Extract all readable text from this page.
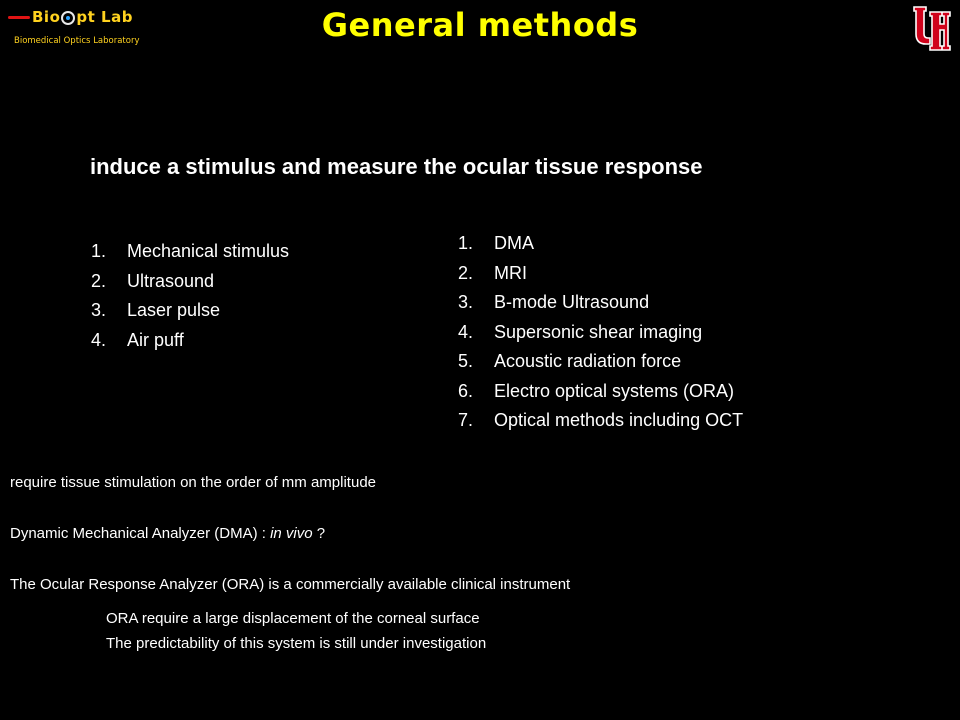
Bio pt Lab
Biomedical Optics Laboratory	General methods
induce a stimulus and measure the ocular tissue response
1. Mechanical stimulus
2. Ultrasound
3. Laser pulse
4. Air puff
1. DMA
2. MRI
3. B-mode Ultrasound
4. Supersonic shear imaging
5. Acoustic radiation force
6. Electro optical systems (ORA)
7. Optical methods including OCT
require tissue stimulation on the order of mm amplitude
Dynamic Mechanical Analyzer (DMA) : in vivo ?
The Ocular Response Analyzer (ORA) is a commercially available clinical instrument
ORA require a large displacement of the corneal surface
The predictability of this system is still under investigation
